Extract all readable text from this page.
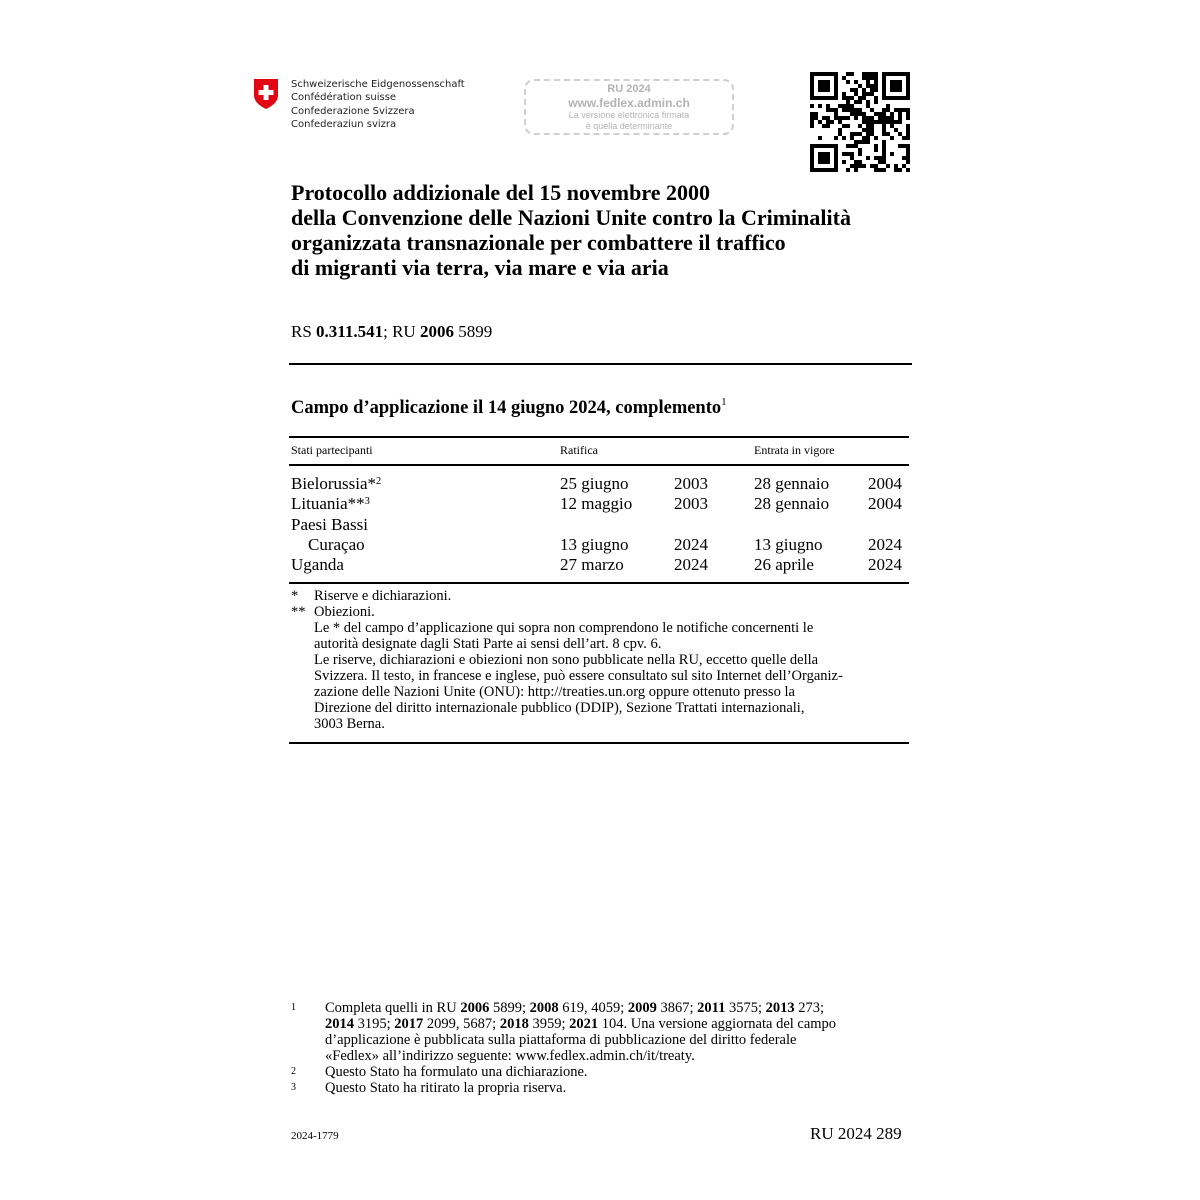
Schweizerische Eidgenossenschaft
Confédération suisse
Confederazione Svizzera
Confederaziun svizra
RU 2024
www.fedlex.admin.ch
La versione elettronica firmata
è quella determinante
Protocollo addizionale del 15 novembre 2000
della Convenzione delle Nazioni Unite contro la Criminalità
organizzata transnazionale per combattere il traffico
di migranti via terra, via mare e via aria
RS 0.311.541; RU 2006 5899
Campo d’applicazione il 14 giugno 2024, complemento$^1$
Stati partecipanti	Ratifica	Entrata in vigore
Bielorussia*$^2$	25 giugno	2003	28 gennaio 2004
Lituania**$^3$	12 maggio 2003	28 gennaio 2004
Paesi Bassi
Curaçao	13 giugno	2024	13 giugno	2024
Uganda	27 marzo	2024	26 aprile	2024
* Riserve e dichiarazioni.
** Obiezioni.
Le * del campo d’applicazione qui sopra non comprendono le notifiche concernenti le
autorità designate dagli Stati Parte ai sensi dell’art. 8 cpv. 6.
Le riserve, dichiarazioni e obiezioni non sono pubblicate nella RU, eccetto quelle della
Svizzera. Il testo, in francese e inglese, può essere consultato sul sito Internet dell’Organiz-
zazione delle Nazioni Unite (ONU): http://treaties.un.org oppure ottenuto presso la
Direzione del diritto internazionale pubblico (DDIP), Sezione Trattati internazionali,
3003 Berna.
1 Completa quelli in RU 2006 5899; 2008 619, 4059; 2009 3867; 2011 3575; 2013 273;
2014 3195; 2017 2099, 5687; 2018 3959; 2021 104. Una versione aggiornata del campo
d’applicazione è pubblicata sulla piattaforma di pubblicazione del diritto federale
«Fedlex» all’indirizzo seguente: www.fedlex.admin.ch/it/treaty.
2 Questo Stato ha formulato una dichiarazione.
3 Questo Stato ha ritirato la propria riserva.
2024-1779	RU 2024 289
